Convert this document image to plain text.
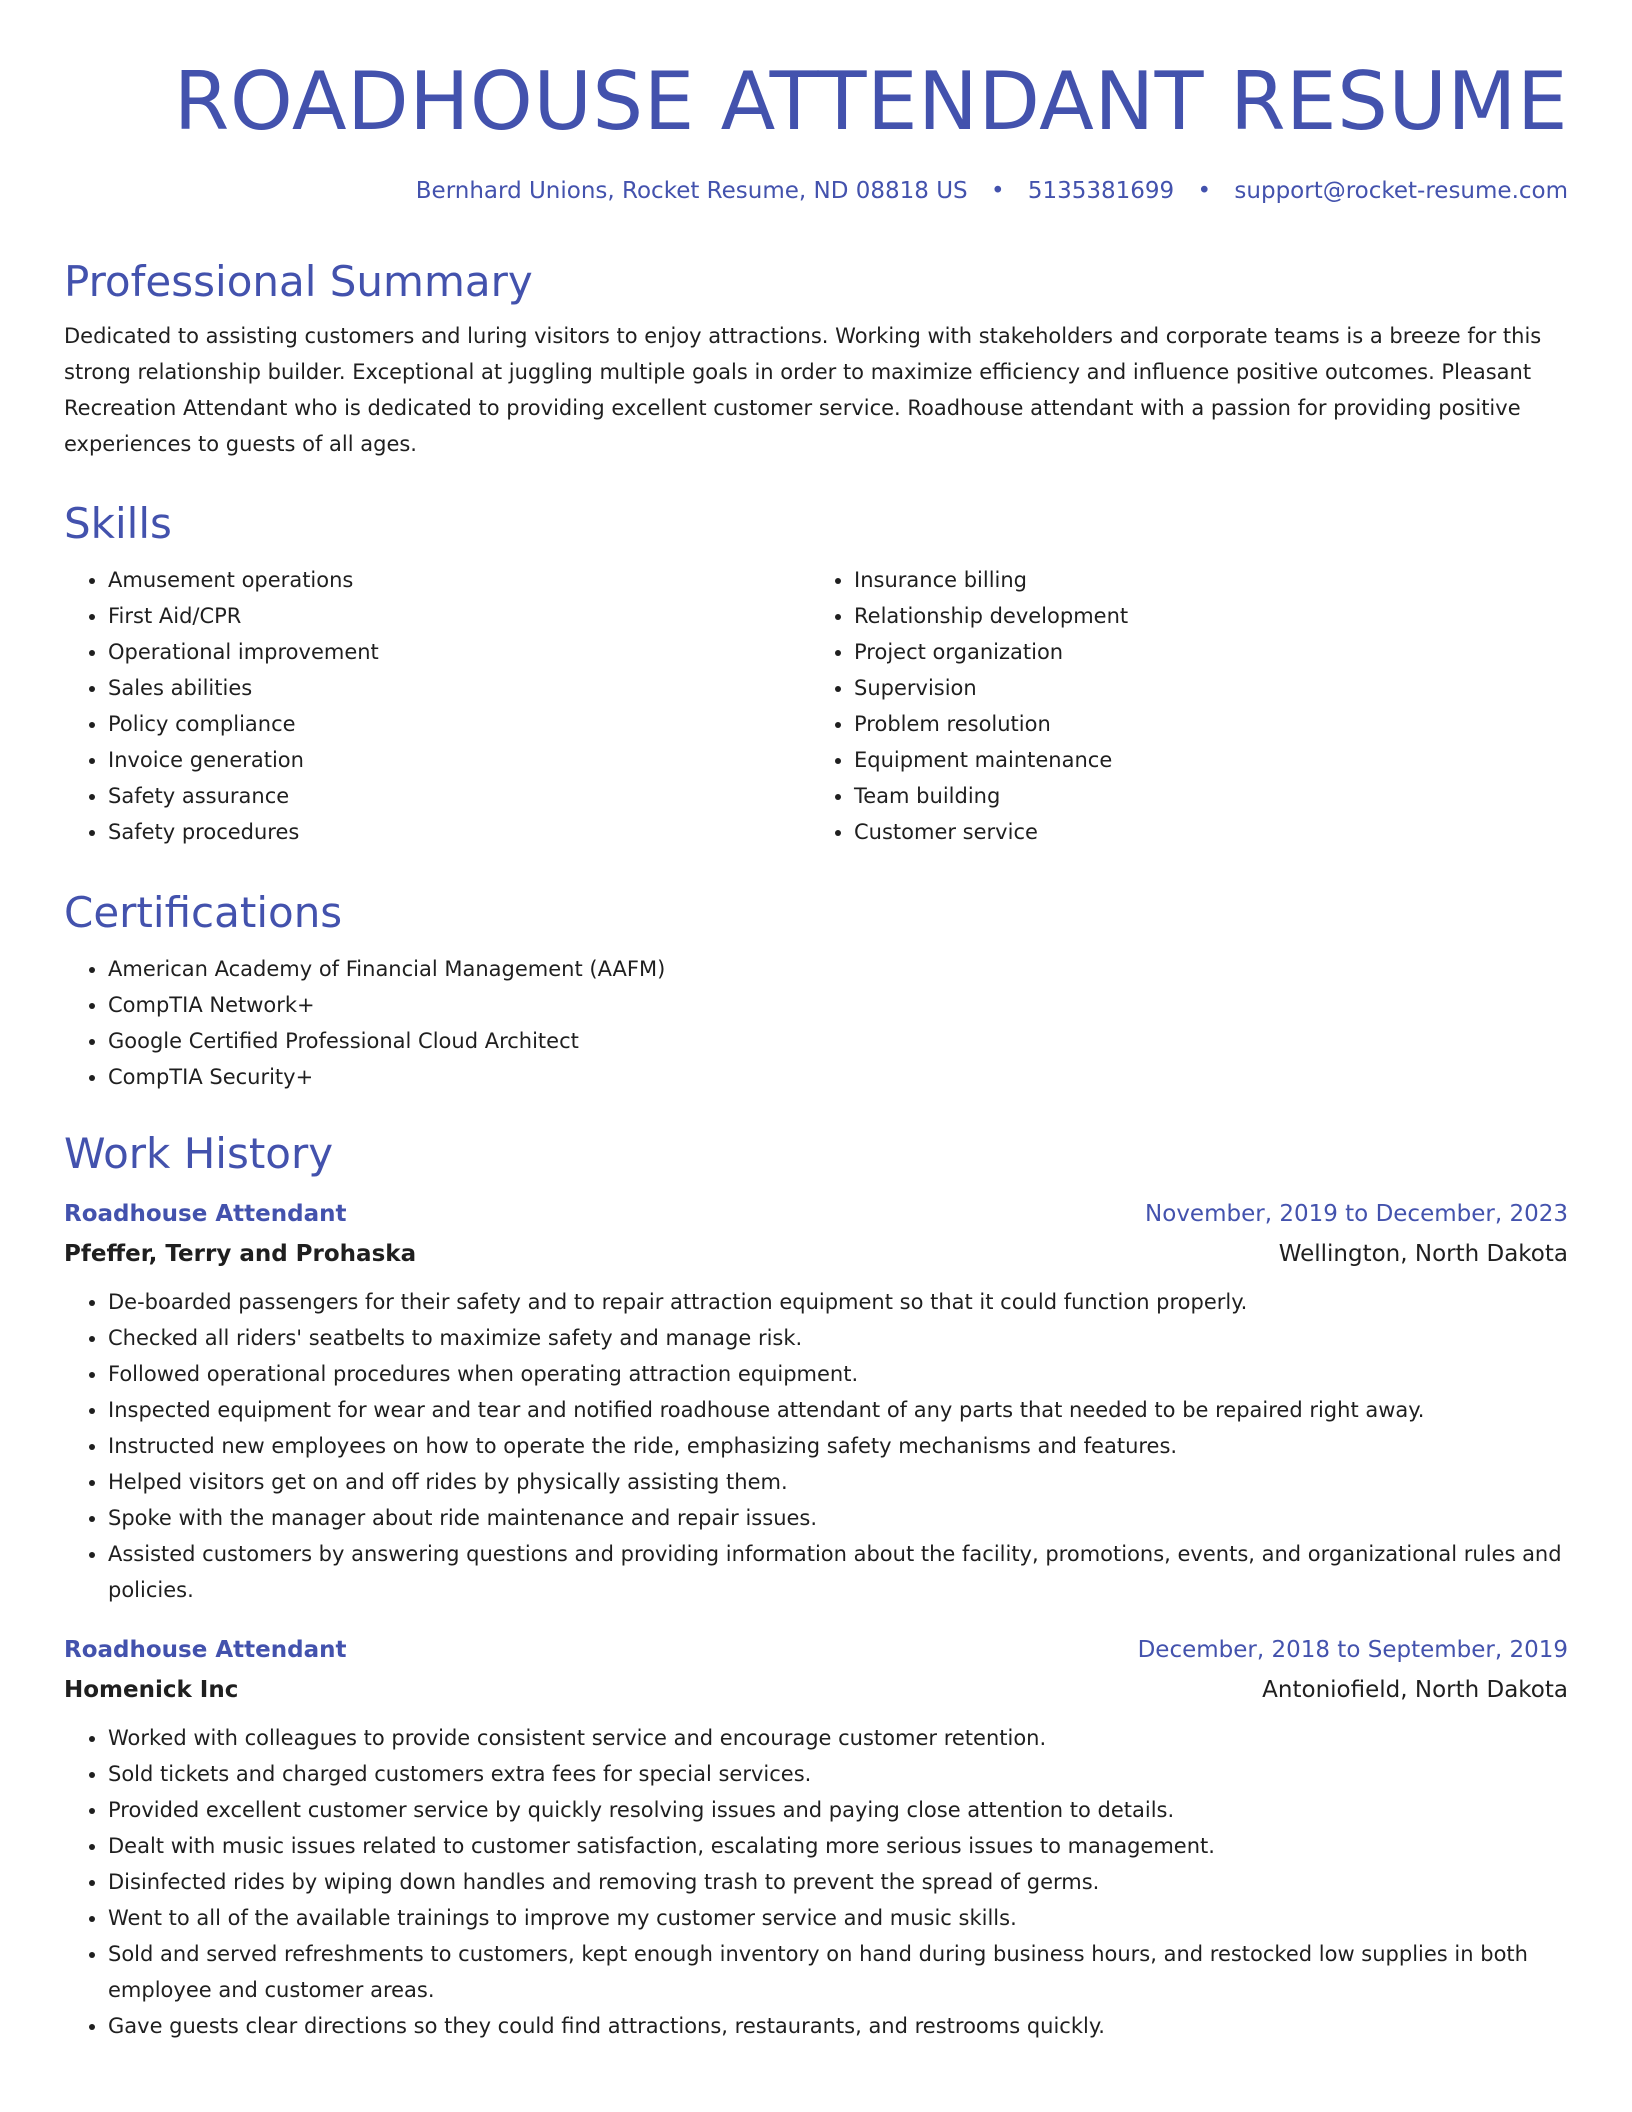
ROADHOUSE ATTENDANT RESUME
Bernhard Unions, Rocket Resume, ND 08818 US • 5135381699 • support@rocket-resume.com
Professional Summary

Dedicated to assisting customers and luring visitors to enjoy attractions. Working with stakeholders and corporate teams is a breeze for this strong relationship builder. Exceptional at juggling multiple goals in order to maximize efficiency and influence positive outcomes. Pleasant Recreation Attendant who is dedicated to providing excellent customer service. Roadhouse attendant with a passion for providing positive experiences to guests of all ages.

Skills
• Amusement operations
• First Aid/CPR
• Operational improvement
• Sales abilities
• Policy compliance
• Invoice generation
• Safety assurance
• Safety procedures
• Insurance billing
• Relationship development
• Project organization
• Supervision
• Problem resolution
• Equipment maintenance
• Team building
• Customer service
Certifications
• American Academy of Financial Management (AAFM)
• CompTIA Network+
• Google Certified Professional Cloud Architect
• CompTIA Security+
Work History
Roadhouse Attendant	November, 2019 to December, 2023
Pfeffer, Terry and Prohaska	Wellington, North Dakota
• De-boarded passengers for their safety and to repair attraction equipment so that it could function properly.
• Checked all riders' seatbelts to maximize safety and manage risk.
• Followed operational procedures when operating attraction equipment.
• Inspected equipment for wear and tear and notified roadhouse attendant of any parts that needed to be repaired right away.
• Instructed new employees on how to operate the ride, emphasizing safety mechanisms and features.
• Helped visitors get on and off rides by physically assisting them.
• Spoke with the manager about ride maintenance and repair issues.
• Assisted customers by answering questions and providing information about the facility, promotions, events, and organizational rules and policies.
Roadhouse Attendant	December, 2018 to September, 2019
Homenick Inc	Antoniofield, North Dakota
• Worked with colleagues to provide consistent service and encourage customer retention.
• Sold tickets and charged customers extra fees for special services.
• Provided excellent customer service by quickly resolving issues and paying close attention to details.
• Dealt with music issues related to customer satisfaction, escalating more serious issues to management.
• Disinfected rides by wiping down handles and removing trash to prevent the spread of germs.
• Went to all of the available trainings to improve my customer service and music skills.
• Sold and served refreshments to customers, kept enough inventory on hand during business hours, and restocked low supplies in both employee and customer areas.
• Gave guests clear directions so they could find attractions, restaurants, and restrooms quickly.
